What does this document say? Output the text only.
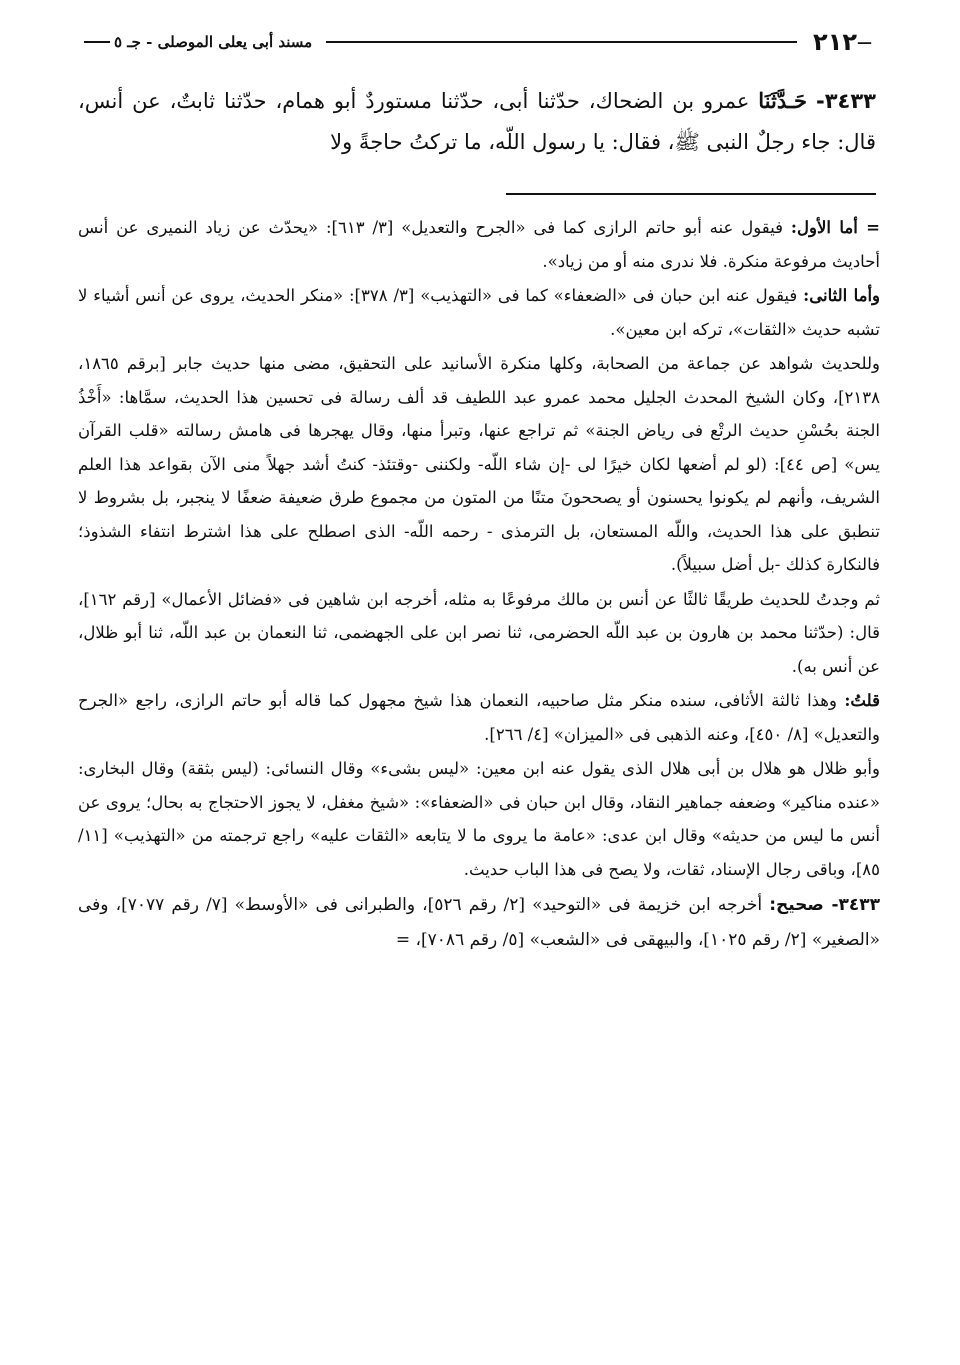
—
٢١٢
مسند أبى يعلى الموصلى - جـ ٥
٣٤٣٣- حَـدَّثَنَا عمرو بن الضحاك، حدّثنا أبى، حدّثنا مستوردٌ أبو همام، حدّثنا ثابتٌ، عن أنس، قال: جاء رجلٌ النبى ﷺ، فقال: يا رسول اللّه، ما تركتُ حاجةً ولا

= أما الأول: فيقول عنه أبو حاتم الرازى كما فى «الجرح والتعديل» [٣/ ٦١٣]: «يحدّث عن زياد النميرى عن أنس أحاديث مرفوعة منكرة. فلا ندرى منه أو من زياد».

وأما الثانى: فيقول عنه ابن حبان فى «الضعفاء» كما فى «التهذيب» [٣/ ٣٧٨]: «منكر الحديث، يروى عن أنس أشياء لا تشبه حديث «الثقات»، تركه ابن معين».

وللحديث شواهد عن جماعة من الصحابة، وكلها منكرة الأسانيد على التحقيق، مضى منها حديث جابر [برقم ١٨٦٥، ٢١٣٨]، وكان الشيخ المحدث الجليل محمد عمرو عبد اللطيف قد ألف رسالة فى تحسين هذا الحديث، سمَّاها: «أَخْذُ الجنة بحُسْنِ حديث الرتْع فى رياض الجنة» ثم تراجع عنها، وتبرأ منها، وقال يهجرها فى هامش رسالته «قلب القرآن يس» [ص ٤٤]: (لو لم أضعها لكان خيرًا لى -إن شاء اللّه- ولكننى -وقتئذ- كنتُ أشد جهلاً منى الآن بقواعد هذا العلم الشريف، وأنهم لم يكونوا يحسنون أو يصححونَ متنًا من المتون من مجموع طرق ضعيفة ضعفًا لا ينجبر، بل بشروط لا تنطبق على هذا الحديث، واللّه المستعان، بل الترمذى - رحمه اللّه- الذى اصطلح على هذا اشترط انتفاء الشذوذ؛ فالنكارة كذلك -بل أضل سبيلاً).

ثم وجدتُ للحديث طريقًا ثالثًا عن أنس بن مالك مرفوعًا به مثله، أخرجه ابن شاهين فى «فضائل الأعمال» [رقم ١٦٢]، قال: (حدّثنا محمد بن هارون بن عبد اللّه الحضرمى، ثنا نصر ابن على الجهضمى، ثنا النعمان بن عبد اللّه، ثنا أبو ظلال، عن أنس به).

قلتُ: وهذا ثالثة الأثافى، سنده منكر مثل صاحبيه، النعمان هذا شيخ مجهول كما قاله أبو حاتم الرازى، راجع «الجرح والتعديل» [٨/ ٤٥٠]، وعنه الذهبى فى «الميزان» [٤/ ٢٦٦].

وأبو ظلال هو هلال بن أبى هلال الذى يقول عنه ابن معين: «ليس بشىء» وقال النسائى: (ليس بثقة) وقال البخارى: «عنده مناكير» وضعفه جماهير النقاد، وقال ابن حبان فى «الضعفاء»: «شيخ مغفل، لا يجوز الاحتجاج به بحال؛ يروى عن أنس ما ليس من حديثه» وقال ابن عدى: «عامة ما يروى ما لا يتابعه «الثقات عليه» راجع ترجمته من «التهذيب» [١١/ ٨٥]، وباقى رجال الإسناد، ثقات، ولا يصح فى هذا الباب حديث.

٣٤٣٣- صحيح: أخرجه ابن خزيمة فى «التوحيد» [٢/ رقم ٥٢٦]، والطبرانى فى «الأوسط» [٧/ رقم ٧٠٧٧]، وفى «الصغير» [٢/ رقم ١٠٢٥]، والبيهقى فى «الشعب» [٥/ رقم ٧٠٨٦]، =
